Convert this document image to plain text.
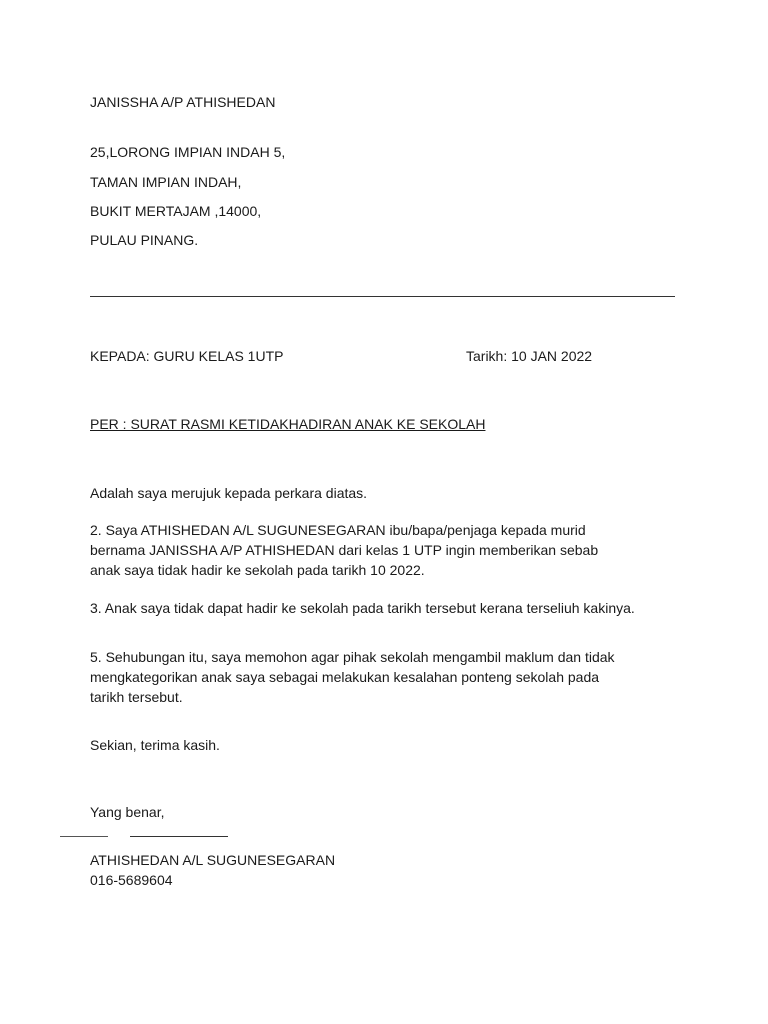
JANISSHA A/P ATHISHEDAN
25,LORONG IMPIAN INDAH 5,
TAMAN IMPIAN INDAH,
BUKIT MERTAJAM ,14000,
PULAU PINANG.
KEPADA: GURU KELAS 1UTP	Tarikh: 10 JAN 2022
PER : SURAT RASMI KETIDAKHADIRAN ANAK KE SEKOLAH
Adalah saya merujuk kepada perkara diatas.
2. Saya ATHISHEDAN A/L SUGUNESEGARAN ibu/bapa/penjaga kepada murid
bernama JANISSHA A/P ATHISHEDAN dari kelas 1 UTP ingin memberikan sebab
anak saya tidak hadir ke sekolah pada tarikh 10 2022.
3. Anak saya tidak dapat hadir ke sekolah pada tarikh tersebut kerana terseliuh kakinya.
5. Sehubungan itu, saya memohon agar pihak sekolah mengambil maklum dan tidak
mengkategorikan anak saya sebagai melakukan kesalahan ponteng sekolah pada
tarikh tersebut.
Sekian, terima kasih.
Yang benar,
ATHISHEDAN A/L SUGUNESEGARAN
016-5689604
